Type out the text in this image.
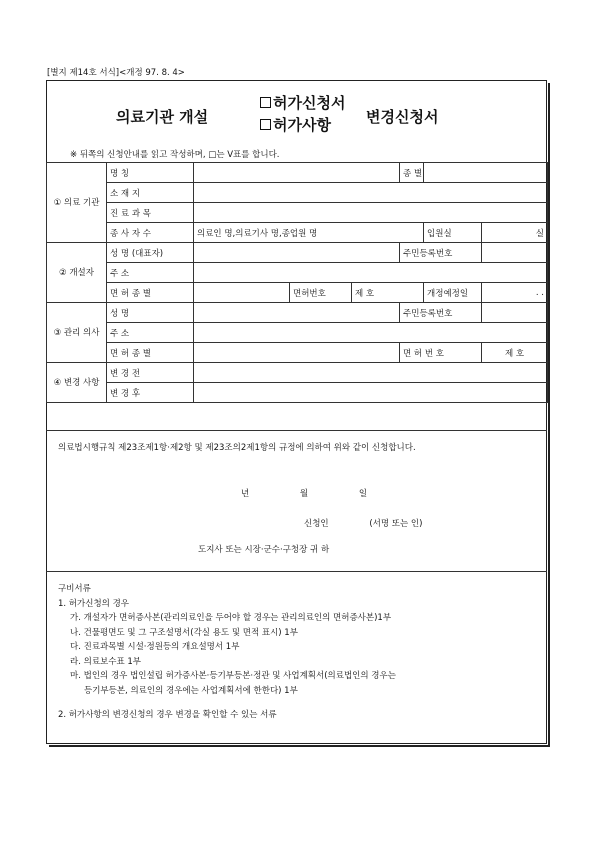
[별지 제14호 서식]<개정 97. 8. 4>
의료기관 개설
허가신청서
허가사항	변경신청서
※ 뒤쪽의 신청안내를 읽고 작성하며, □는 V표를 합니다.
① 의료 기관	명 칭				종 별		
	소 재 지						
	진 료 과 목						
	종 사 자 수	의료인 명,의료기사 명,종업원 명				입원실	실
② 개설자	성 명 (대표자)				주민등록번호		
	주 소						
	면 허 종 별		면허번호	제 호		개정예정일	. .
③ 관리 의사	성 명				주민등록번호		
	주 소						
	면 허 종 별				면 허 번 호		제 호
④ 변경 사항	변 경 전						
	변 경 후						
의료법시행규칙 제23조제1항·제2항 및 제23조의2제1항의 규정에 의하여 위와 같이 신청합니다.
년	월	일
신청인	(서명 또는 인)
도지사 또는 시장·군수·구청장 귀 하
구비서류
1. 허가신청의 경우
가. 개설자가 면허증사본(관리의료인을 두어야 할 경우는 관리의료인의 면허증사본)1부
나. 건물평면도 및 그 구조설명서(각실 용도 및 면적 표시) 1부
다. 진료과목별 시설·정원등의 개요설명서 1부
라. 의료보수표 1부
마. 법인의 경우 법인설립 허가증사본·등기부등본·정관 및 사업계획서(의료법인의 경우는
등기부등본, 의료인의 경우에는 사업계획서에 한한다) 1부
2. 허가사항의 변경신청의 경우 변경을 확인할 수 있는 서류
